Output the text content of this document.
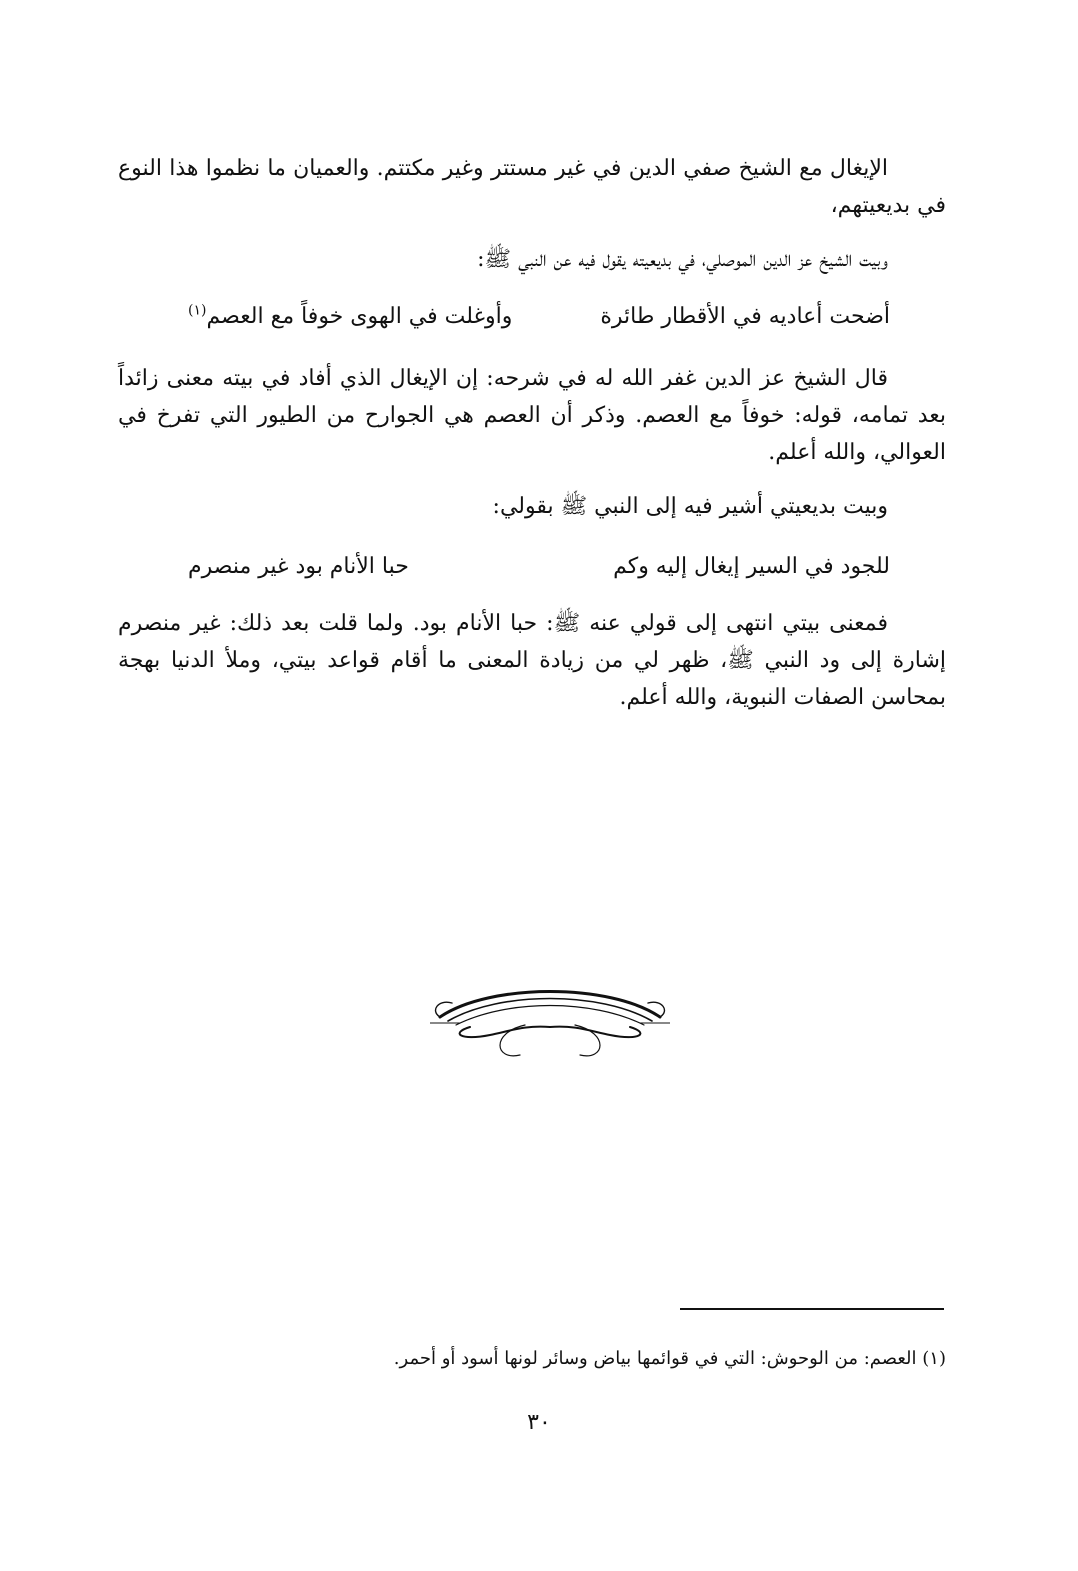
الإيغال مع الشيخ صفي الدين في غير مستتر وغير مكتتم. والعميان ما نظموا هذا النوع في بديعيتهم،

وبيت الشيخ عز الدين الموصلي، في بديعيته يقول فيه عن النبي ﷺ:

أضحت أعاديه في الأقطار طائرة
وأوغلت في الهوى خوفاً مع العصم$^{(١)}$

قال الشيخ عز الدين غفر الله له في شرحه: إن الإيغال الذي أفاد في بيته معنى زائداً بعد تمامه، قوله: خوفاً مع العصم. وذكر أن العصم هي الجوارح من الطيور التي تفرخ في العوالي، والله أعلم.

وبيت بديعيتي أشير فيه إلى النبي ﷺ بقولي:

للجود في السير إيغال إليه وكم
حبا الأنام بود غير منصرم

فمعنى بيتي انتهى إلى قولي عنه ﷺ: حبا الأنام بود. ولما قلت بعد ذلك: غير منصرم إشارة إلى ود النبي ﷺ، ظهر لي من زيادة المعنى ما أقام قواعد بيتي، وملأ الدنيا بهجة بمحاسن الصفات النبوية، والله أعلم.

(١) العصم: من الوحوش: التي في قوائمها بياض وسائر لونها أسود أو أحمر.
٣٠
